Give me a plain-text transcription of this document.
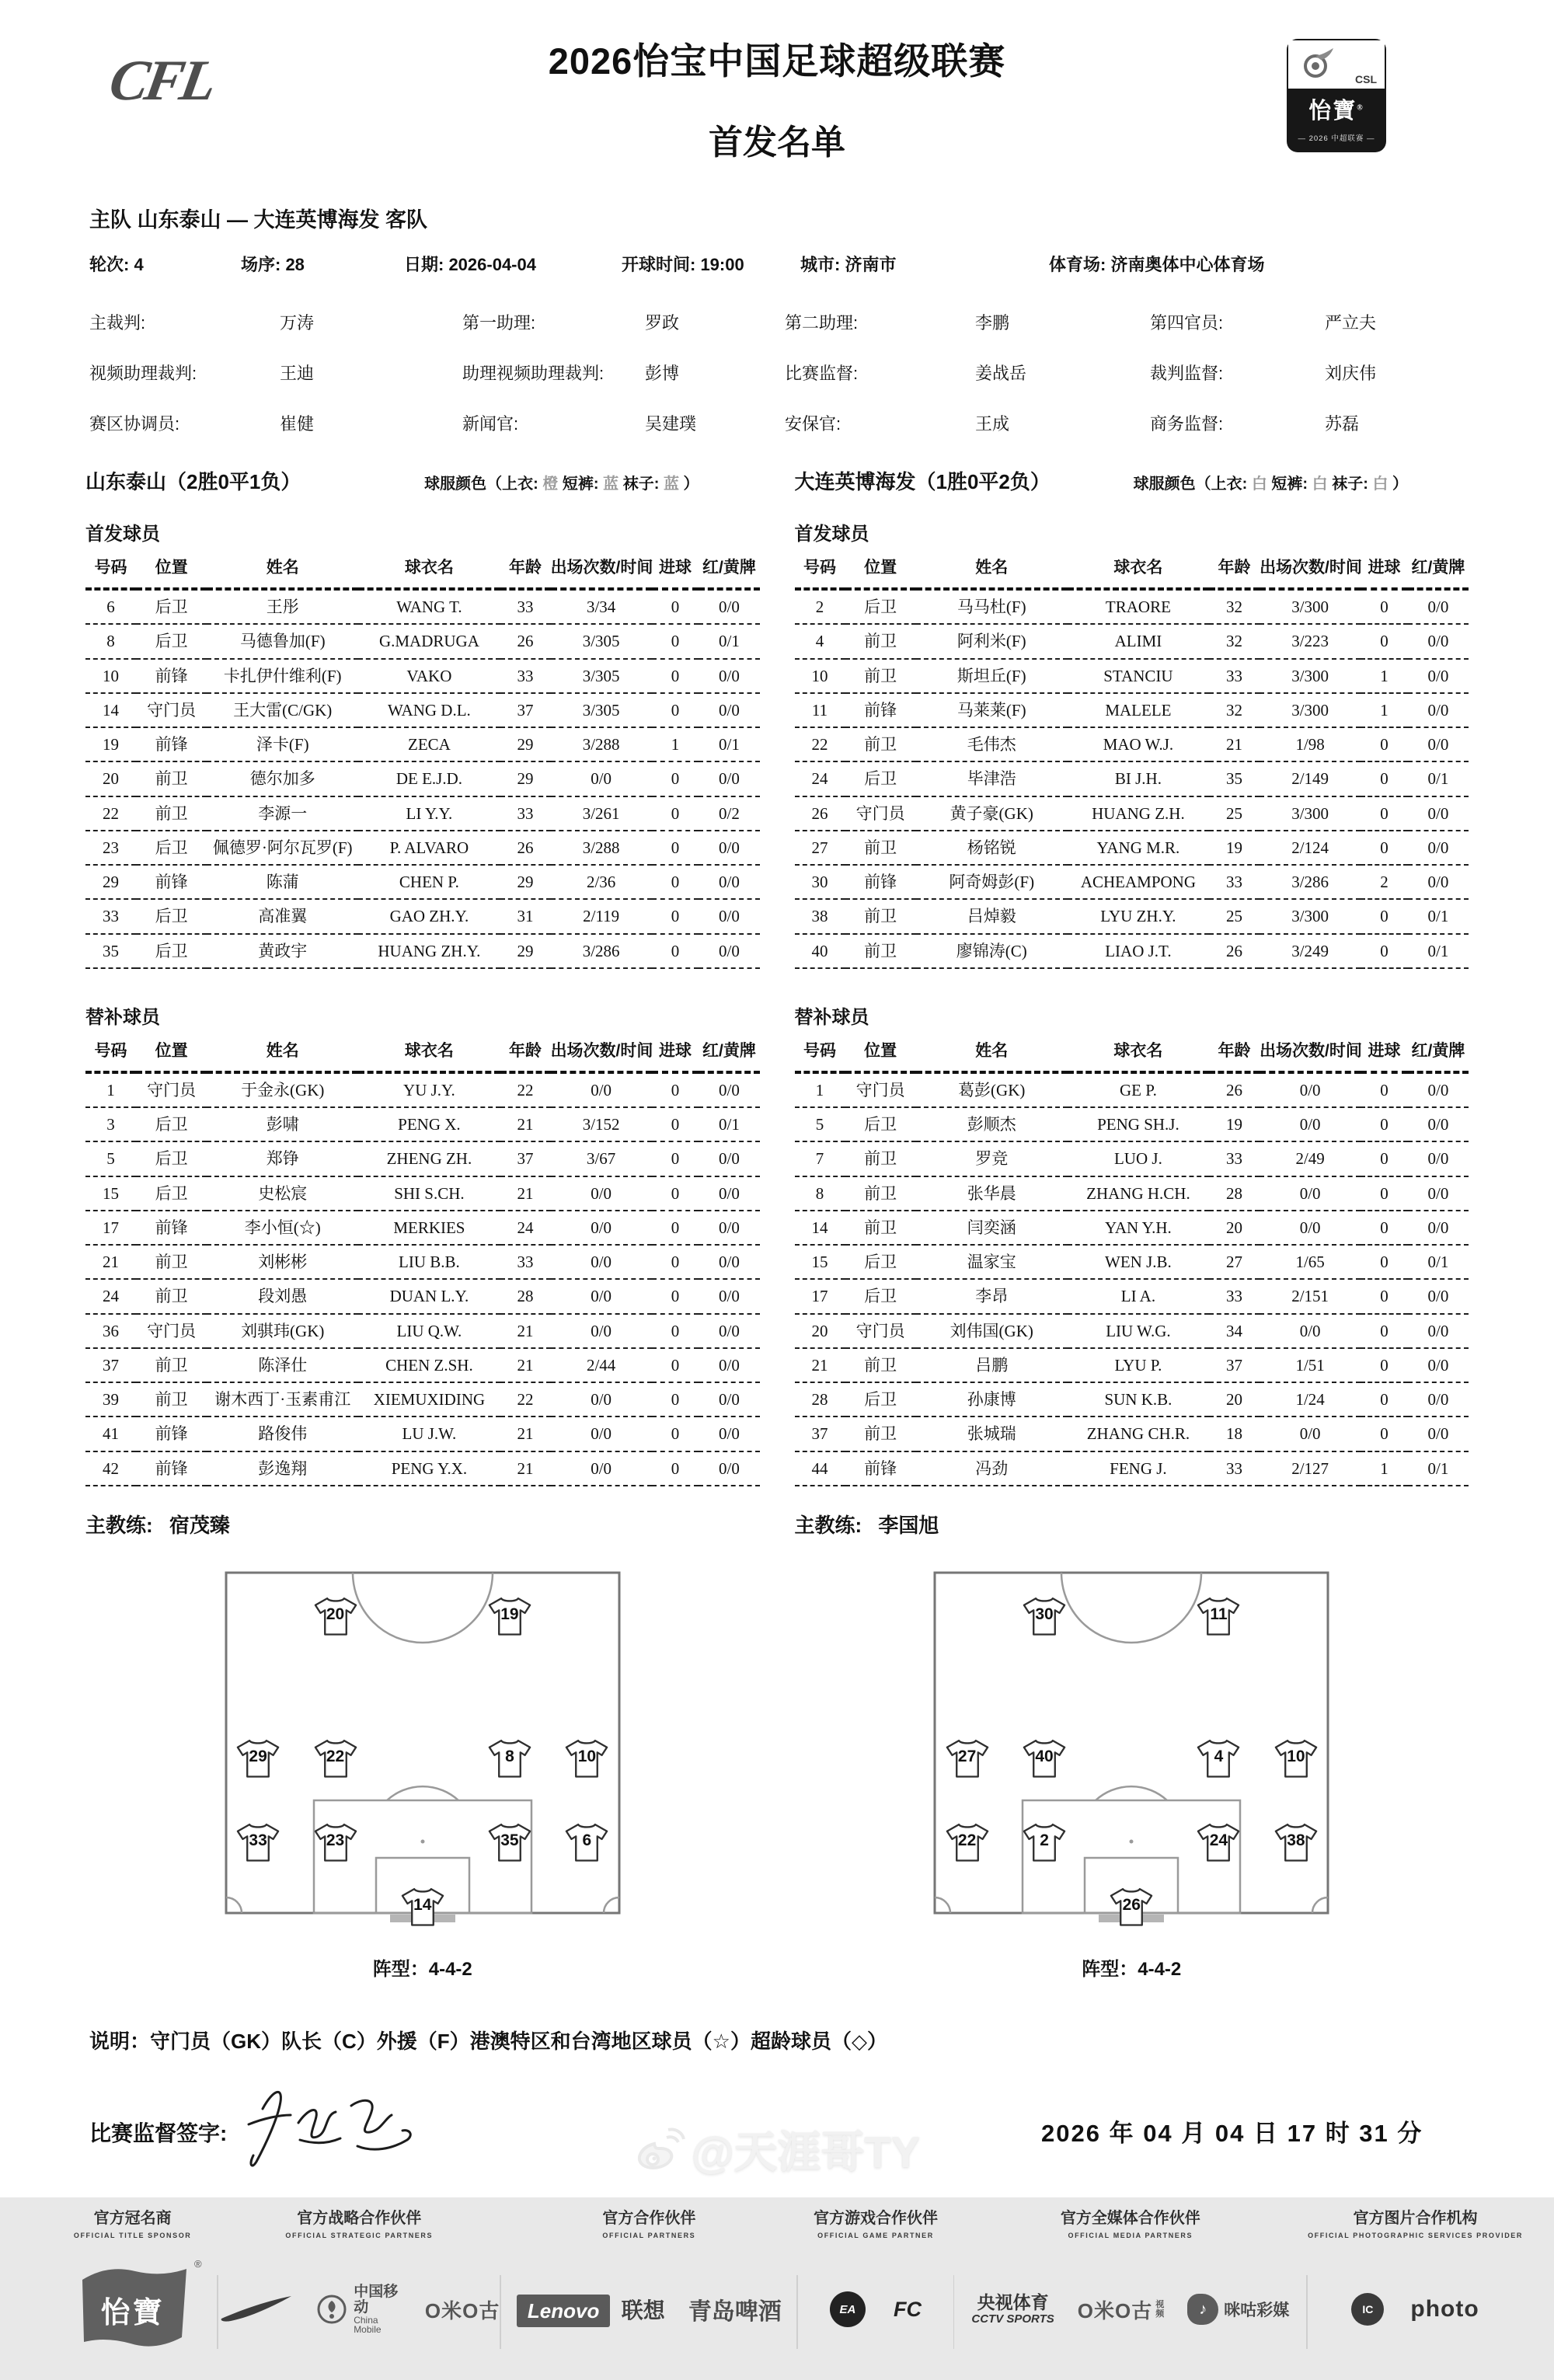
CFL	2026怡宝中国足球超级联赛
首发名单
CSL
怡寶®
— 2026 中超联赛 —
主队 山东泰山 — 大连英博海发 客队
轮次: 4	场序: 28	日期: 2026-04-04	开球时间: 19:00	城市: 济南市	体育场: 济南奥体中心体育场
主裁判:	万涛	第一助理:	罗政	第二助理:	李鹏	第四官员:	严立夫
视频助理裁判:	王迪	助理视频助理裁判:	彭博	比赛监督:	姜战岳	裁判监督:	刘庆伟
赛区协调员:	崔健	新闻官:	吴建璞	安保官:	王成	商务监督:	苏磊
山东泰山（2胜0平1负）	球服颜色（上衣: 橙 短裤: 蓝 袜子: 蓝 ）
首发球员
号码	位置	姓名	球衣名	年龄	出场次数/时间	进球	红/黄牌
6	后卫	王彤	WANG T.	33	3/34	0	0/0
8	后卫	马德鲁加(F)	G.MADRUGA	26	3/305	0	0/1
10	前锋	卡扎伊什维利(F)	VAKO	33	3/305	0	0/0
14	守门员	王大雷(C/GK)	WANG D.L.	37	3/305	0	0/0
19	前锋	泽卡(F)	ZECA	29	3/288	1	0/1
20	前卫	德尔加多	DE E.J.D.	29	0/0	0	0/0
22	前卫	李源一	LI Y.Y.	33	3/261	0	0/2
23	后卫	佩德罗·阿尔瓦罗(F)	P. ALVARO	26	3/288	0	0/0
29	前锋	陈蒲	CHEN P.	29	2/36	0	0/0
33	后卫	高准翼	GAO ZH.Y.	31	2/119	0	0/0
35	后卫	黄政宇	HUANG ZH.Y.	29	3/286	0	0/0
替补球员
号码	位置	姓名	球衣名	年龄	出场次数/时间	进球	红/黄牌
1	守门员	于金永(GK)	YU J.Y.	22	0/0	0	0/0
3	后卫	彭啸	PENG X.	21	3/152	0	0/1
5	后卫	郑铮	ZHENG ZH.	37	3/67	0	0/0
15	后卫	史松宸	SHI S.CH.	21	0/0	0	0/0
17	前锋	李小恒(☆)	MERKIES	24	0/0	0	0/0
21	前卫	刘彬彬	LIU B.B.	33	0/0	0	0/0
24	前卫	段刘愚	DUAN L.Y.	28	0/0	0	0/0
36	守门员	刘骐玮(GK)	LIU Q.W.	21	0/0	0	0/0
37	前卫	陈泽仕	CHEN Z.SH.	21	2/44	0	0/0
39	前卫	谢木西丁·玉素甫江	XIEMUXIDING	22	0/0	0	0/0
41	前锋	路俊伟	LU J.W.	21	0/0	0	0/0
42	前锋	彭逸翔	PENG Y.X.	21	0/0	0	0/0
主教练: 宿茂臻
20	19
29	22	8	10
33	23	35	6
14
阵型：4-4-2
大连英博海发（1胜0平2负）	球服颜色（上衣: 白 短裤: 白 袜子: 白 ）
首发球员
号码	位置	姓名	球衣名	年龄	出场次数/时间	进球	红/黄牌
2	后卫	马马杜(F)	TRAORE	32	3/300	0	0/0
4	前卫	阿利米(F)	ALIMI	32	3/223	0	0/0
10	前卫	斯坦丘(F)	STANCIU	33	3/300	1	0/0
11	前锋	马莱莱(F)	MALELE	32	3/300	1	0/0
22	前卫	毛伟杰	MAO W.J.	21	1/98	0	0/0
24	后卫	毕津浩	BI J.H.	35	2/149	0	0/1
26	守门员	黄子豪(GK)	HUANG Z.H.	25	3/300	0	0/0
27	前卫	杨铭锐	YANG M.R.	19	2/124	0	0/0
30	前锋	阿奇姆彭(F)	ACHEAMPONG	33	3/286	2	0/0
38	前卫	吕焯毅	LYU ZH.Y.	25	3/300	0	0/1
40	前卫	廖锦涛(C)	LIAO J.T.	26	3/249	0	0/1
替补球员
号码	位置	姓名	球衣名	年龄	出场次数/时间	进球	红/黄牌
1	守门员	葛彭(GK)	GE P.	26	0/0	0	0/0
5	后卫	彭顺杰	PENG SH.J.	19	0/0	0	0/0
7	前卫	罗竞	LUO J.	33	2/49	0	0/0
8	前卫	张华晨	ZHANG H.CH.	28	0/0	0	0/0
14	前卫	闫奕涵	YAN Y.H.	20	0/0	0	0/0
15	后卫	温家宝	WEN J.B.	27	1/65	0	0/1
17	后卫	李昂	LI A.	33	2/151	0	0/0
20	守门员	刘伟国(GK)	LIU W.G.	34	0/0	0	0/0
21	前卫	吕鹏	LYU P.	37	1/51	0	0/0
28	后卫	孙康博	SUN K.B.	20	1/24	0	0/0
37	前卫	张城瑞	ZHANG CH.R.	18	0/0	0	0/0
44	前锋	冯劲	FENG J.	33	2/127	1	0/1
主教练: 李国旭
30	11
27	40	4	10
22	2	24	38
26
阵型：4-4-2
说明：守门员（GK）队长（C）外援（F）港澳特区和台湾地区球员（☆）超龄球员（◇）
比赛监督签字:	2026 年 04 月 04 日 17 时 31 分
官方冠名商
OFFICIAL TITLE SPONSOR
怡寶
®
官方战略合作伙伴
OFFICIAL STRATEGIC PARTNERS
中国移动
China Mobile
O米O古
官方合作伙伴
OFFICIAL PARTNERS
Lenovo 联想 青岛啤酒
官方游戏合作伙伴
OFFICIAL GAME PARTNER
EA	FC
官方全媒体合作伙伴
OFFICIAL MEDIA PARTNERS
央视体育
CCTV SPORTS O米O古 视
频	♪	咪咕彩媒
官方图片合作机构
OFFICIAL PHOTOGRAPHIC SERVICES PROVIDER
IC	photo
@天涯哥TY
